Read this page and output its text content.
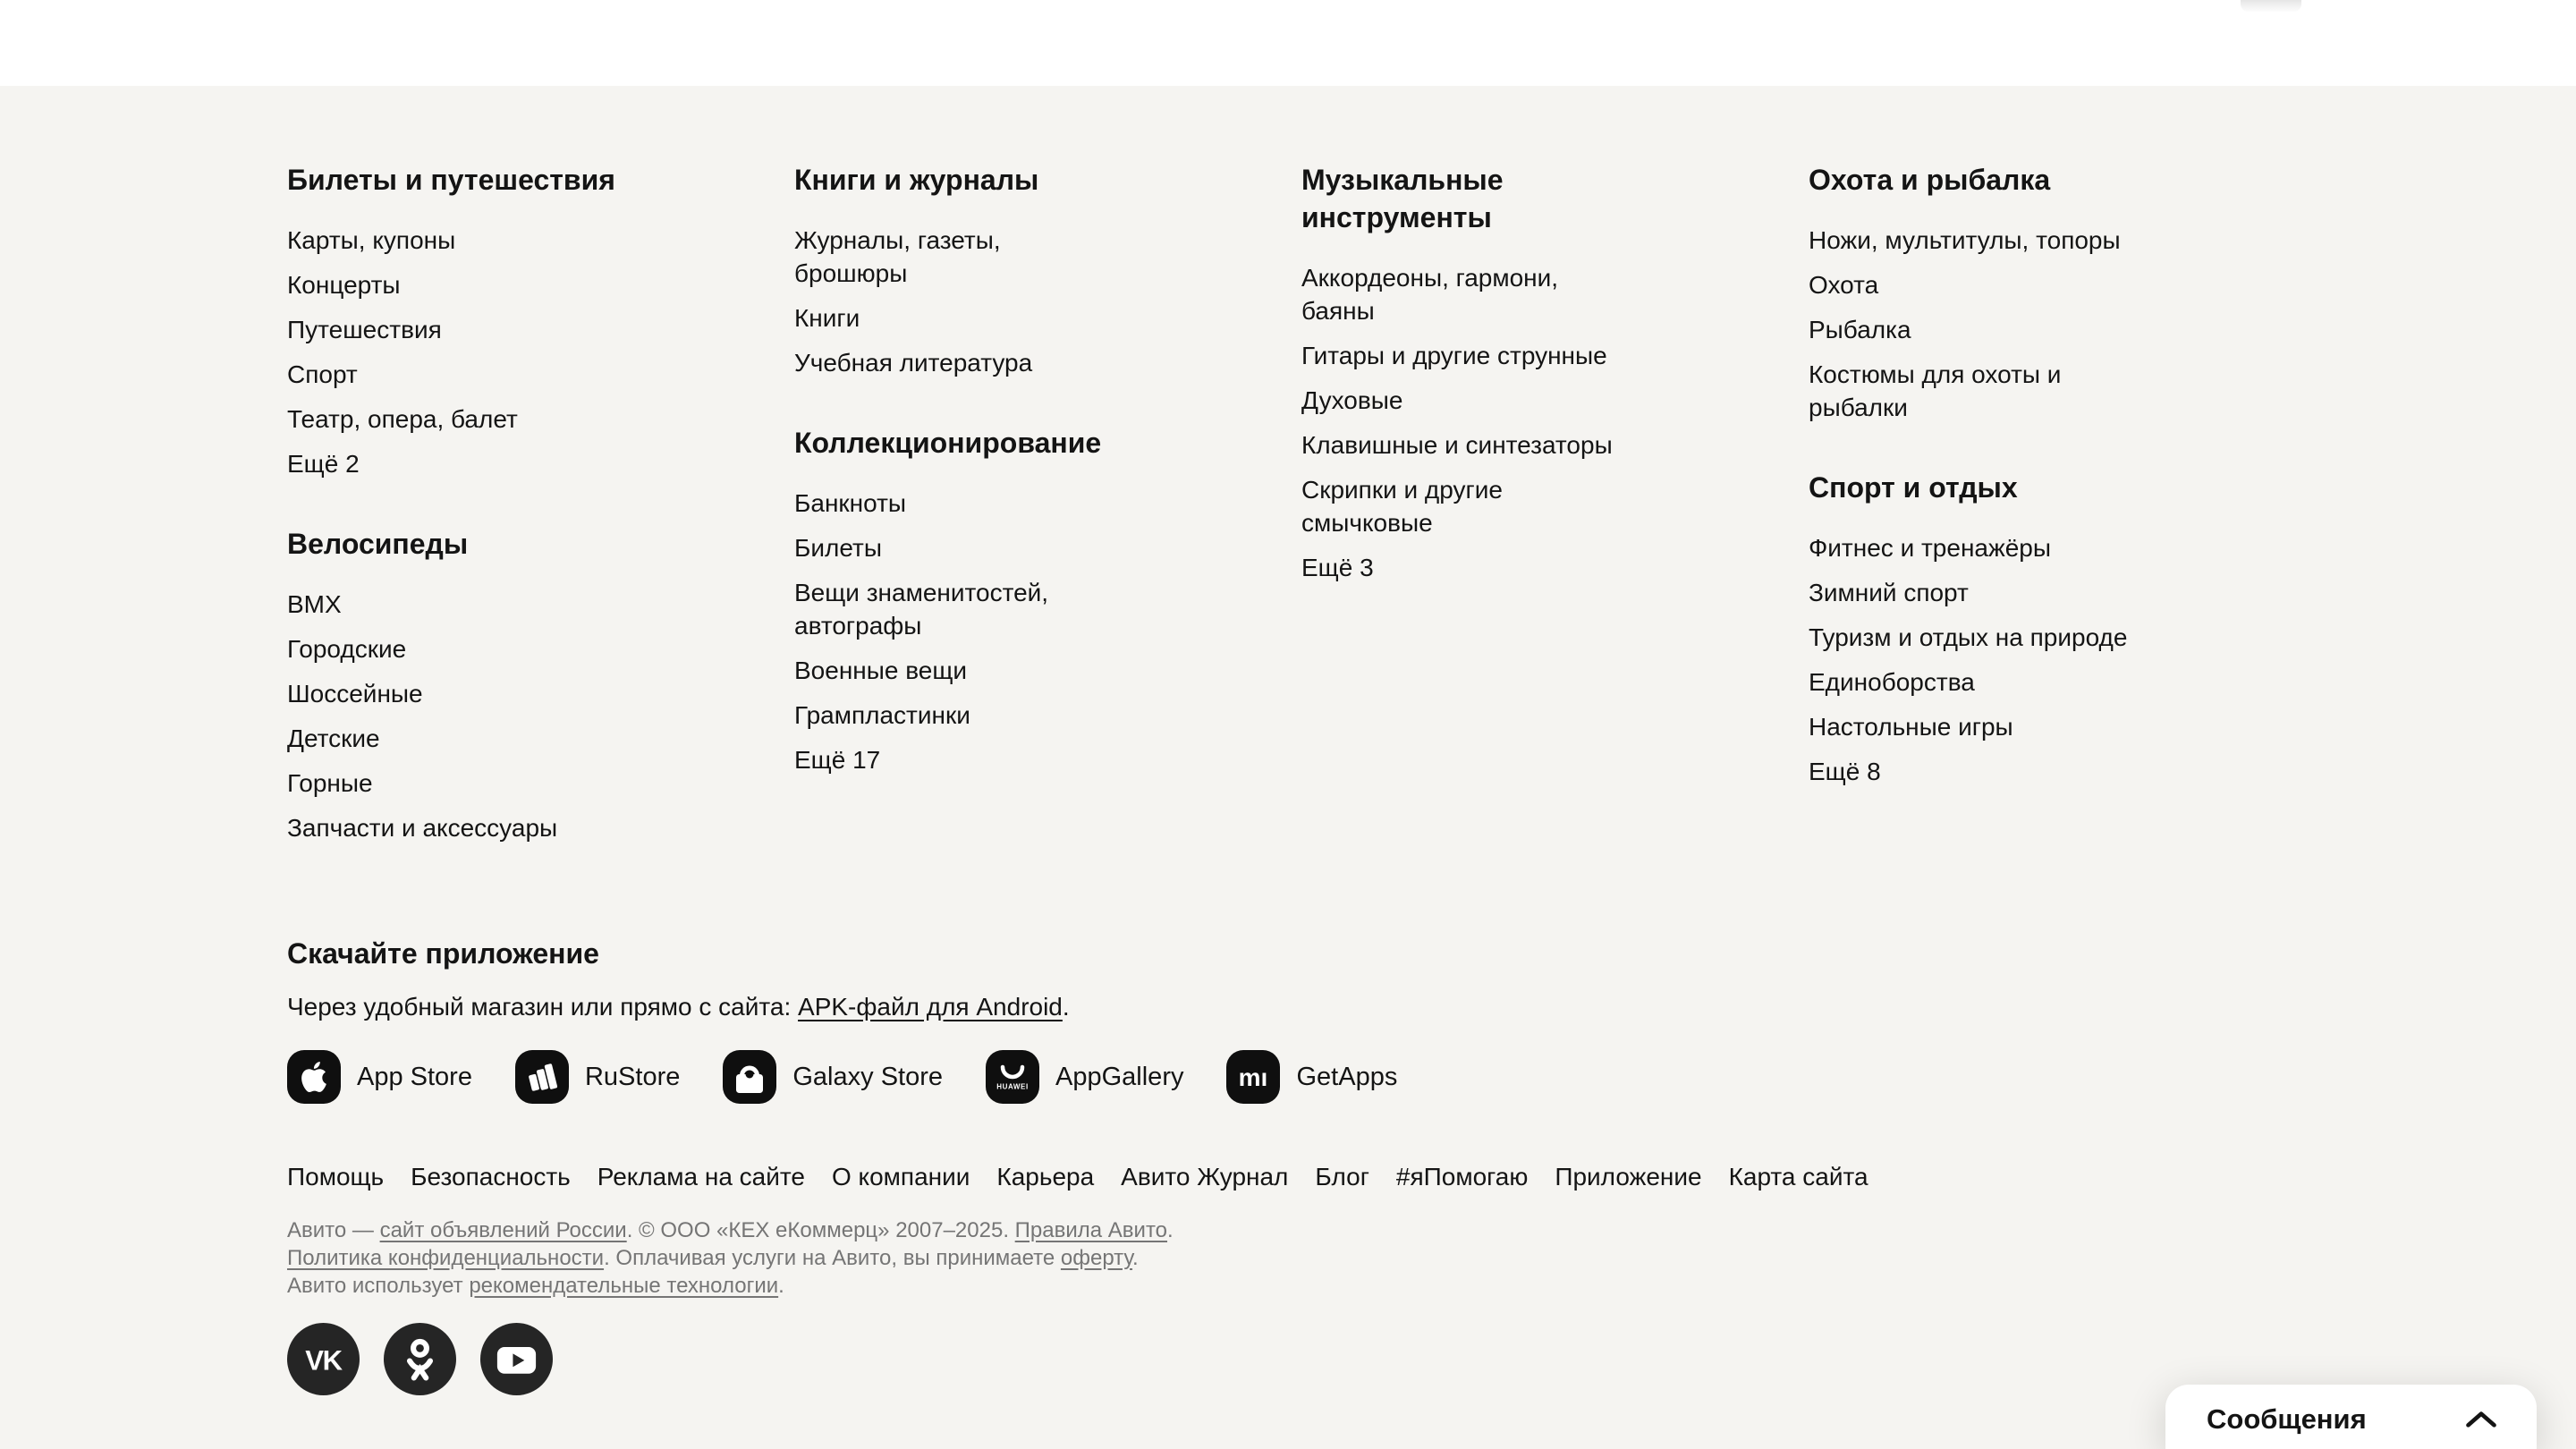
Билеты и путешествия
Карты, купоны
Концерты
Путешествия
Спорт
Театр, опера, балет
Ещё 2
Велосипеды
BMX
Городские
Шоссейные
Детские
Горные
Запчасти и аксессуары
Книги и журналы
Журналы, газеты, брошюры
Книги
Учебная литература
Коллекционирование
Банкноты
Билеты
Вещи знаменитостей, автографы
Военные вещи
Грампластинки
Ещё 17
Музыкальные инструменты
Аккордеоны, гармони, баяны
Гитары и другие струнные
Духовые
Клавишные и синтезаторы
Скрипки и другие смычковые
Ещё 3
Охота и рыбалка
Ножи, мультитулы, топоры
Охота
Рыбалка
Костюмы для охоты и рыбалки
Спорт и отдых
Фитнес и тренажёры
Зимний спорт
Туризм и отдых на природе
Единоборства
Настольные игры
Ещё 8
Скачайте приложение
Через удобный магазин или прямо с сайта: APK-файл для Android.
App Store	RuStore	Galaxy Store	HUAWEI AppGallery mı GetApps
Помощь Безопасность Реклама на сайте О компании Карьера Авито Журнал Блог #яПомогаю Приложение Карта сайта
Авито — сайт объявлений России. © ООО «КЕХ еКоммерц» 2007–2025. Правила Авито.
Политика конфиденциальности. Оплачивая услуги на Авито, вы принимаете оферту.
Авито использует рекомендательные технологии.
VK
Сообщения
